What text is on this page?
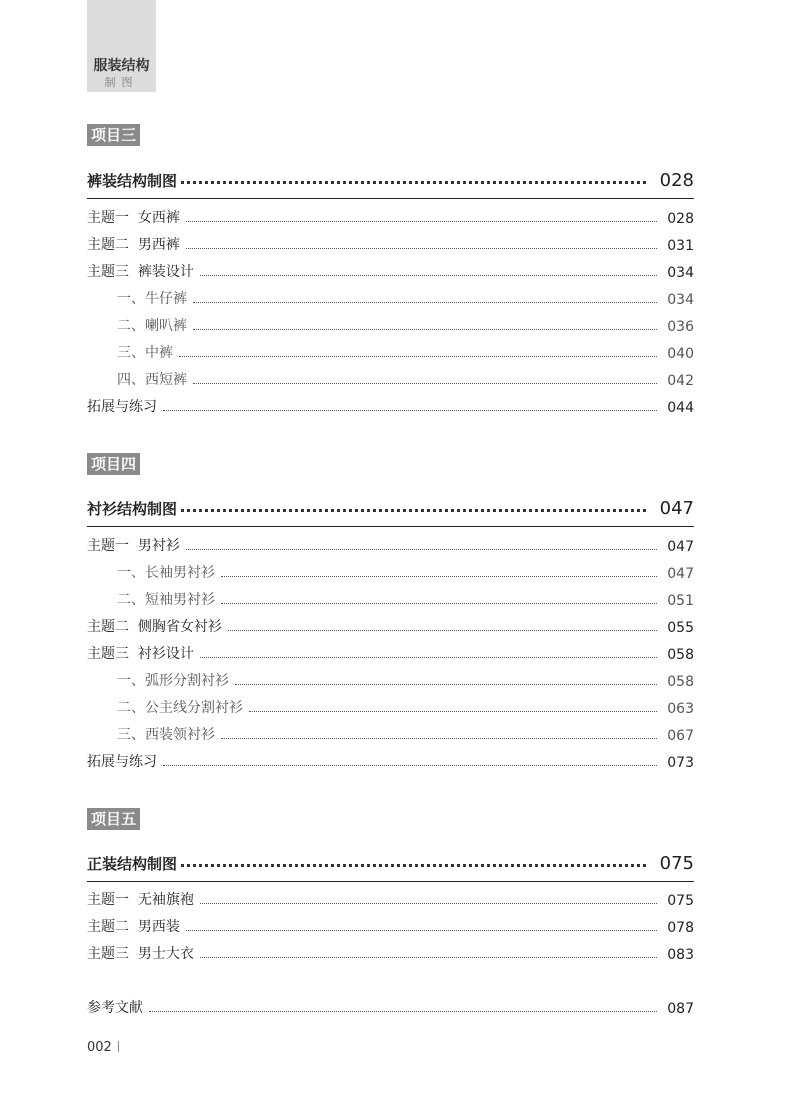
服装结构
制图
项目三
裤装结构制图	028
主题一  女西裤	028
主题二  男西裤	031
主题三  裤装设计	034
一、牛仔裤	034
二、喇叭裤	036
三、中裤	040
四、西短裤	042
拓展与练习	044
项目四
衬衫结构制图	047
主题一  男衬衫	047
一、长袖男衬衫	047
二、短袖男衬衫	051
主题二  侧胸省女衬衫	055
主题三  衬衫设计	058
一、弧形分割衬衫	058
二、公主线分割衬衫	063
三、西装领衬衫	067
拓展与练习	073
项目五
正装结构制图	075
主题一  无袖旗袍	075
主题二  男西装	078
主题三  男士大衣	083
参考文献	087
002
